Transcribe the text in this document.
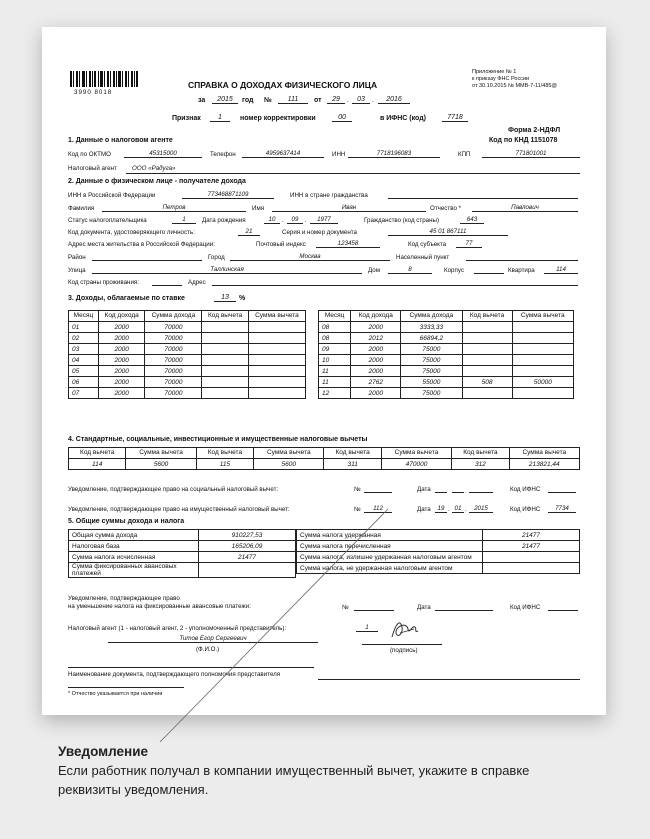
3990 8018
СПРАВКА О ДОХОДАХ ФИЗИЧЕСКОГО ЛИЦА
Приложение № 1
к приказу ФНС России
от 30.10.2015 № ММВ-7-11/485@
за	2015	год №	111	от	29	.	03	.	2016
Признак	1	номер корректировки	00	в ИФНС (код)	7718
Форма 2-НДФЛ
Код по КНД 1151078
1. Данные о налоговом агенте
Код по ОКТМО	45315000	Телефон	4959637414	ИНН	7718196083	КПП	771801001
Налоговый агент ООО «Радуга»
2. Данные о физическом лице - получателе дохода
ИНН в Российской Федерации	773468871109	ИНН в стране гражданства

Фамилия	Петров	Имя	Иван	Отчество *	Павлович
Статус налогоплательщика	1	Дата рождения	10	.	09	.	1977	Гражданство (код страны)	643
Код документа, удостоверяющего личность:	21	Серия и номер документа	45 01 867111
Адрес места жительства в Российской Федерации:	Почтовый индекс	123458	Код субъекта	77
Район
	Город	Москва	Населенный пункт

Улица	Таллинская	Дом	8	Корпус
	Квартира	114
Код страны проживания:
	Адрес

3. Доходы, облагаемые по ставке	13	%
Месяц	Код дохода	Сумма дохода	Код вычета	Сумма вычета
01	2000	70000		
02	2000	70000		
03	2000	70000		
04	2000	70000		
05	2000	70000		
06	2000	70000		
07	2000	70000		
Месяц	Код дохода	Сумма дохода	Код вычета	Сумма вычета
08	2000	3333,33		
08	2012	66894,2		
09	2000	75000		
10	2000	75000		
11	2000	75000		
11	2762	55000	508	50000
12	2000	75000		
4. Стандартные, социальные, инвестиционные и имущественные налоговые вычеты
Код вычета	Сумма вычета	Код вычета	Сумма вычета	Код вычета	Сумма вычета	Код вычета	Сумма вычета
114	5600	115	5600	311	470000	312	213821,44
Уведомление, подтверждающее право на социальный налоговый вычет:	№
	Дата

	Код ИФНС

Уведомление, подтверждающее право на имущественный налоговый вычет:	№	112	Дата	19 . 01 .	2015	Код ИФНС	7734
5. Общие суммы дохода и налога
Общая сумма дохода	910227,53
Налоговая база	165206,09
Сумма налога исчисленная	21477
Сумма фиксированных авансовых платежей	
Сумма налога удержанная	21477
Сумма налога перечисленная	21477
Сумма налога, излишне удержанная налоговым агентом	
Сумма налога, не удержанная налоговым агентом	
Уведомление, подтверждающее право
на уменьшение налога на фиксированные авансовые платежи:	№
	Дата
	Код ИФНС

Налоговый агент (1 - налоговый агент, 2 - уполномоченный представитель):	1
Титов Егор Сергеевич
(Ф.И.О.)	(подпись)
Наименование документа, подтверждающего полномочия представителя
* Отчество указывается при наличии
Уведомление
Если работник получал в компании имущественный вычет, укажите в справке
реквизиты уведомления.
